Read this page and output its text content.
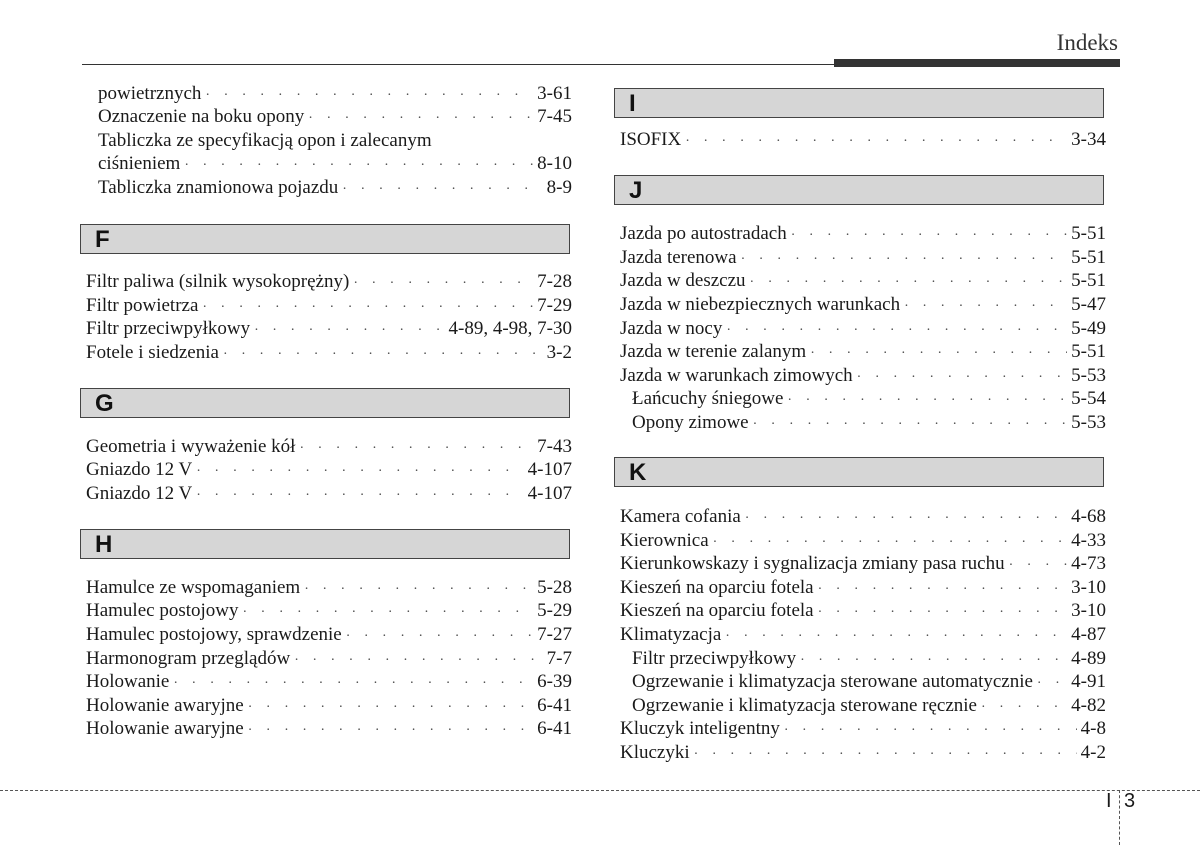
Indeks
powietrznych · · ·	3-61
Oznaczenie na boku opony · · ·	7-45
Tabliczka ze specyfikacją opon i zalecanym
ciśnieniem · · ·	8-10
Tabliczka znamionowa pojazdu · · ·	8-9
F
Filtr paliwa (silnik wysokoprężny) · · ·	7-28
Filtr powietrza · · ·	7-29
Filtr przeciwpyłkowy · · ·	4-89, 4-98, 7-30
Fotele i siedzenia · · ·	3-2
G
Geometria i wyważenie kół · · ·	7-43
Gniazdo 12 V · · ·	4-107
Gniazdo 12 V · · ·	4-107
H
Hamulce ze wspomaganiem · · ·	5-28
Hamulec postojowy · · ·	5-29
Hamulec postojowy, sprawdzenie · · ·	7-27
Harmonogram przeglądów · · ·	7-7
Holowanie · · ·	6-39
Holowanie awaryjne · · ·	6-41
Holowanie awaryjne · · ·	6-41
I
ISOFIX · · ·	3-34
J
Jazda po autostradach · · ·	5-51
Jazda terenowa · · ·	5-51
Jazda w deszczu · · ·	5-51
Jazda w niebezpiecznych warunkach · · ·	5-47
Jazda w nocy · · ·	5-49
Jazda w terenie zalanym · · ·	5-51
Jazda w warunkach zimowych · · ·	5-53
Łańcuchy śniegowe · · ·	5-54
Opony zimowe · · ·	5-53
K
Kamera cofania · · ·	4-68
Kierownica · · ·	4-33
Kierunkowskazy i sygnalizacja zmiany pasa ruchu · · ·	4-73
Kieszeń na oparciu fotela · · ·	3-10
Kieszeń na oparciu fotela · · ·	3-10
Klimatyzacja · · ·	4-87
Filtr przeciwpyłkowy · · ·	4-89
Ogrzewanie i klimatyzacja sterowane automatycznie · · · 4-91
Ogrzewanie i klimatyzacja sterowane ręcznie · · ·	4-82
Kluczyk inteligentny · · ·	4-8
Kluczyki · · ·	4-2
I 3
